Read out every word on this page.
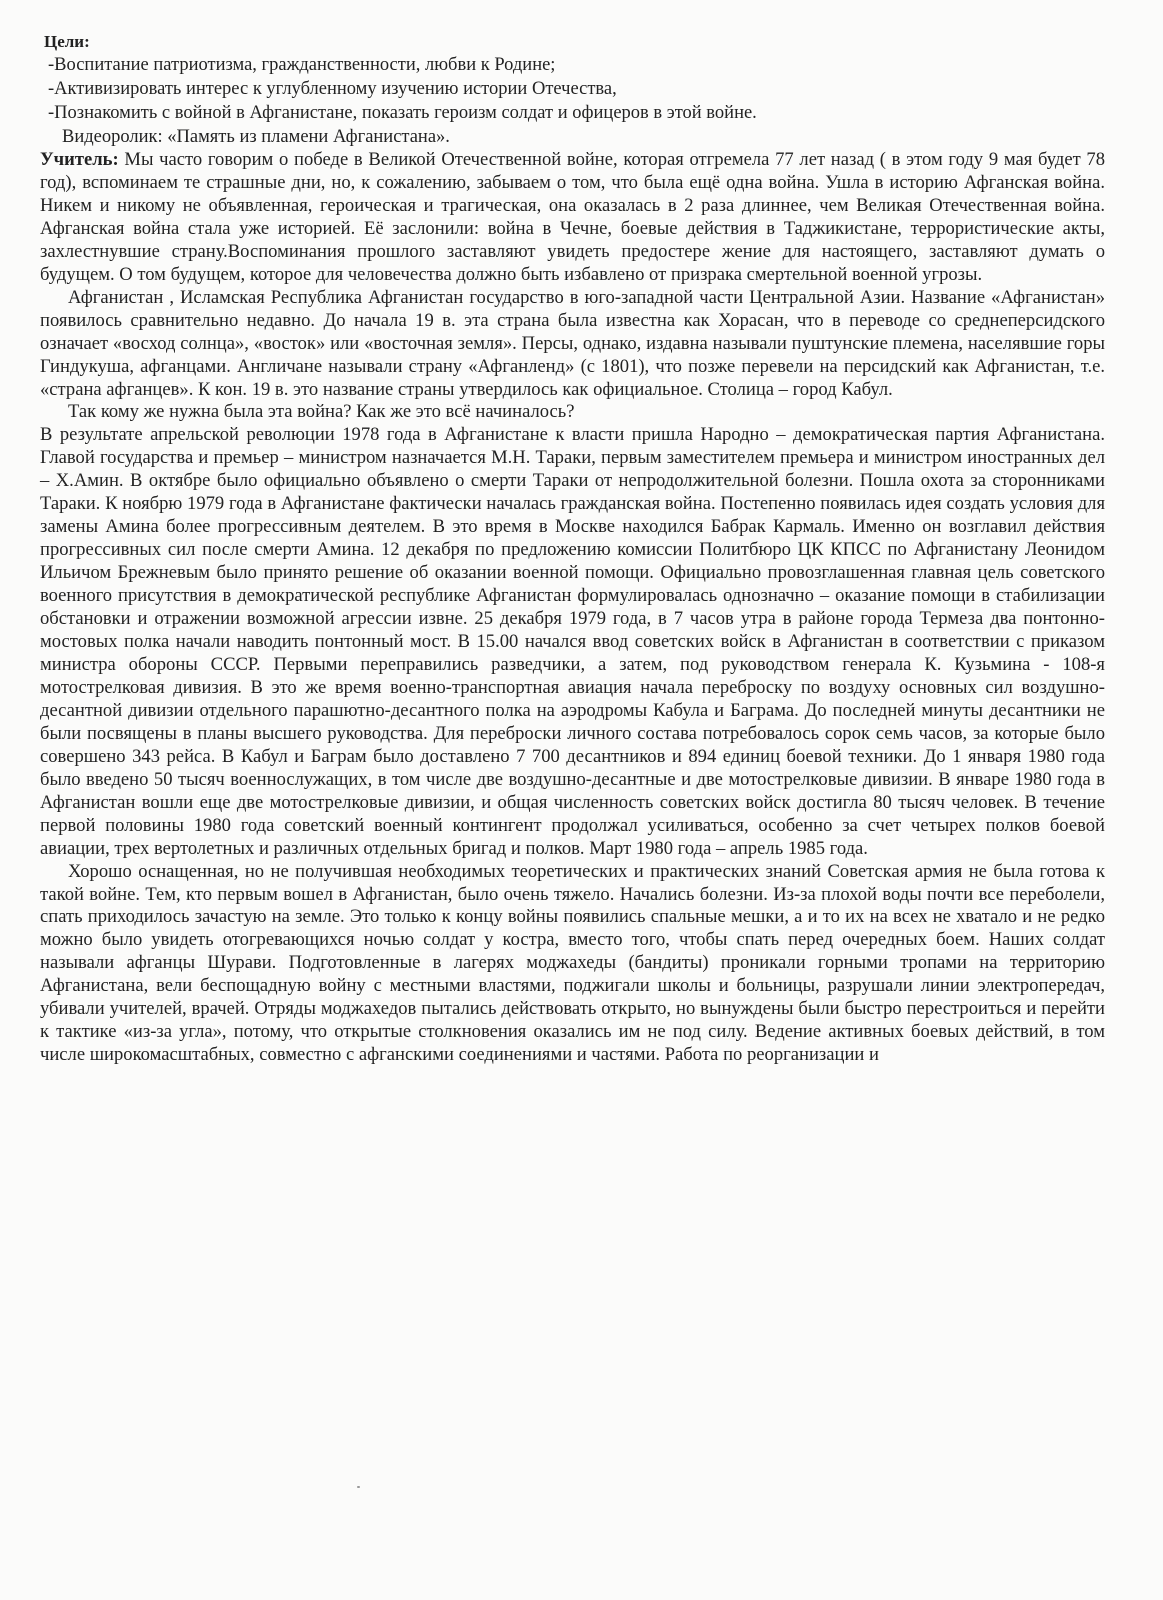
Цели:
-Воспитание патриотизма, гражданственности, любви к Родине;
-Активизировать интерес к углубленному изучению истории Отечества,
-Познакомить с войной в Афганистане, показать героизм солдат и офицеров в этой войне.
Видеоролик: «Память из пламени Афганистана».

Учитель: Мы часто говорим о победе в Великой Отечественной войне, которая отгремела 77 лет назад ( в этом году 9 мая будет 78 год), вспоминаем те страшные дни, но, к сожалению, забываем о том, что была ещё одна война. Ушла в историю Афганская война. Никем и никому не объявленная, героическая и трагическая, она оказалась в 2 раза длиннее, чем Великая Отечественная война. Афганская война стала уже историей. Её заслонили: война в Чечне, боевые действия в Таджикистане, террористические акты, захлестнувшие страну.Воспоминания прошлого заставляют увидеть предостере жение для настоящего, заставляют думать о будущем. О том будущем, которое для человечества должно быть избавлено от призрака смертельной военной угрозы.

Афганистан , Исламская Республика Афганистан государство в юго-западной части Центральной Азии. Название «Афганистан» появилось сравнительно недавно. До начала 19 в. эта страна была известна как Хорасан, что в переводе со среднеперсидского означает «восход солнца», «восток» или «восточная земля». Персы, однако, издавна называли пуштунские племена, населявшие горы Гиндукуша, афганцами. Англичане называли страну «Афганленд» (с 1801), что позже перевели на персидский как Афганистан, т.е. «страна афганцев». К кон. 19 в. это название страны утвердилось как официальное. Столица – город Кабул.

Так кому же нужна была эта война? Как же это всё начиналось?

В результате апрельской революции 1978 года в Афганистане к власти пришла Народно – демократическая партия Афганистана. Главой государства и премьер – министром назначается М.Н. Тараки, первым заместителем премьера и министром иностранных дел – Х.Амин. В октябре было официально объявлено о смерти Тараки от непродолжительной болезни. Пошла охота за сторонниками Тараки. К ноябрю 1979 года в Афганистане фактически началась гражданская война. Постепенно появилась идея создать условия для замены Амина более прогрессивным деятелем. В это время в Москве находился Бабрак Кармаль. Именно он возглавил действия прогрессивных сил после смерти Амина. 12 декабря по предложению комиссии Политбюро ЦК КПСС по Афганистану Леонидом Ильичом Брежневым было принято решение об оказании военной помощи. Официально провозглашенная главная цель советского военного присутствия в демократической республике Афганистан формулировалась однозначно – оказание помощи в стабилизации обстановки и отражении возможной агрессии извне. 25 декабря 1979 года, в 7 часов утра в районе города Термеза два понтонно-мостовых полка начали наводить понтонный мост. В 15.00 начался ввод советских войск в Афганистан в соответствии с приказом министра обороны СССР. Первыми переправились разведчики, а затем, под руководством генерала К. Кузьмина - 108-я мотострелковая дивизия. В это же время военно-транспортная авиация начала переброску по воздуху основных сил воздушно-десантной дивизии отдельного парашютно-десантного полка на аэродромы Кабула и Баграма. До последней минуты десантники не были посвящены в планы высшего руководства. Для переброски личного состава потребовалось сорок семь часов, за которые было совершено 343 рейса. В Кабул и Баграм было доставлено 7 700 десантников и 894 единиц боевой техники. До 1 января 1980 года было введено 50 тысяч военнослужащих, в том числе две воздушно-десантные и две мотострелковые дивизии. В январе 1980 года в Афганистан вошли еще две мотострелковые дивизии, и общая численность советских войск достигла 80 тысяч человек. В течение первой половины 1980 года советский военный контингент продолжал усиливаться, особенно за счет четырех полков боевой авиации, трех вертолетных и различных отдельных бригад и полков. Март 1980 года – апрель 1985 года.

Хорошо оснащенная, но не получившая необходимых теоретических и практических знаний Советская армия не была готова к такой войне. Тем, кто первым вошел в Афганистан, было очень тяжело. Начались болезни. Из-за плохой воды почти все переболели, спать приходилось зачастую на земле. Это только к концу войны появились спальные мешки, а и то их на всех не хватало и не редко можно было увидеть отогревающихся ночью солдат у костра, вместо того, чтобы спать перед очередных боем. Наших солдат называли афганцы Шурави. Подготовленные в лагерях моджахеды (бандиты) проникали горными тропами на территорию Афганистана, вели беспощадную войну с местными властями, поджигали школы и больницы, разрушали линии электропередач, убивали учителей, врачей. Отряды моджахедов пытались действовать открыто, но вынуждены были быстро перестроиться и перейти к тактике «из-за угла», потому, что открытые столкновения оказались им не под силу. Ведение активных боевых действий, в том числе широкомасштабных, совместно с афганскими соединениями и частями. Работа по реорганизации и
